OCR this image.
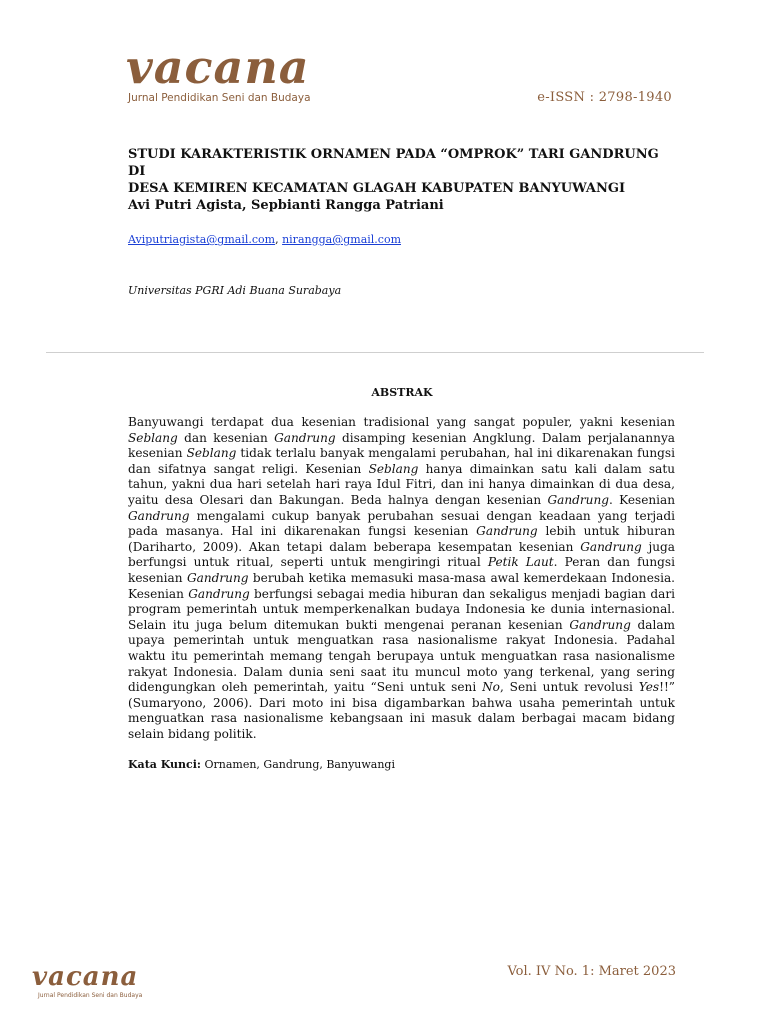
vacana
Jurnal Pendidikan Seni dan Budaya	e-ISSN : 2798-1940
STUDI KARAKTERISTIK ORNAMEN PADA “OMPROK” TARI GANDRUNG DI
DESA KEMIREN KECAMATAN GLAGAH KABUPATEN BANYUWANGI
Avi Putri Agista, Sepbianti Rangga Patriani
Aviputriagista@gmail.com, nirangga@gmail.com
Universitas PGRI Adi Buana Surabaya
ABSTRAK
Banyuwangi terdapat dua kesenian tradisional yang sangat populer, yakni kesenian Seblang dan kesenian Gandrung disamping kesenian Angklung. Dalam perjalanannya kesenian Seblang tidak terlalu banyak mengalami perubahan, hal ini dikarenakan fungsi dan sifatnya sangat religi. Kesenian Seblang hanya dimainkan satu kali dalam satu tahun, yakni dua hari setelah hari raya Idul Fitri, dan ini hanya dimainkan di dua desa, yaitu desa Olesari dan Bakungan. Beda halnya dengan kesenian Gandrung. Kesenian Gandrung mengalami cukup banyak perubahan sesuai dengan keadaan yang terjadi pada masanya. Hal ini dikarenakan fungsi kesenian Gandrung lebih untuk hiburan (Dariharto, 2009). Akan tetapi dalam beberapa kesempatan kesenian Gandrung juga berfungsi untuk ritual, seperti untuk mengiringi ritual Petik Laut. Peran dan fungsi kesenian Gandrung berubah ketika memasuki masa-masa awal kemerdekaan Indonesia. Kesenian Gandrung berfungsi sebagai media hiburan dan sekaligus menjadi bagian dari program pemerintah untuk memperkenalkan budaya Indonesia ke dunia internasional. Selain itu juga belum ditemukan bukti mengenai peranan kesenian Gandrung dalam upaya pemerintah untuk menguatkan rasa nasionalisme rakyat Indonesia. Padahal waktu itu pemerintah memang tengah berupaya untuk menguatkan rasa nasionalisme rakyat Indonesia. Dalam dunia seni saat itu muncul moto yang terkenal, yang sering didengungkan oleh pemerintah, yaitu “Seni untuk seni No, Seni untuk revolusi Yes!!” (Sumaryono, 2006). Dari moto ini bisa digambarkan bahwa usaha pemerintah untuk menguatkan rasa nasionalisme kebangsaan ini masuk dalam berbagai macam bidang selain bidang politik.
Kata Kunci: Ornamen, Gandrung, Banyuwangi
vacana
Jurnal Pendidikan Seni dan Budaya
Vol. IV No. 1: Maret 2023
